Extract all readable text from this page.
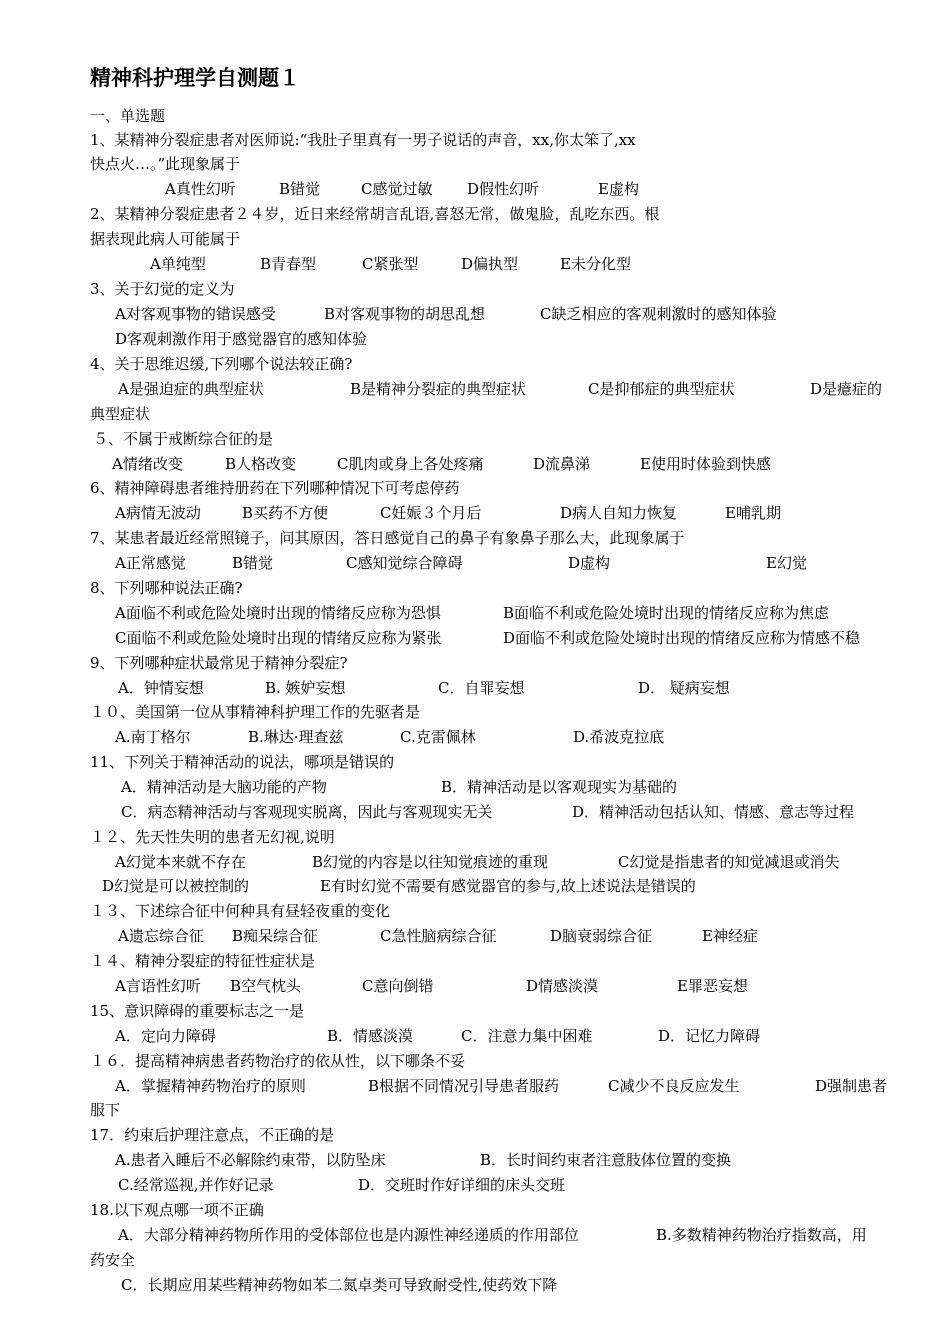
精神科护理学自测题１
一、单选题
1、某精神分裂症患者对医师说:“我肚子里真有一男子说话的声音，xx,你太笨了,xx
快点火…。”此现象属于
A真性幻听	B错觉	C感觉过敏 D假性幻听	E虚构
2、某精神分裂症患者２４岁，近日来经常胡言乱语,喜怒无常，做鬼脸，乱吃东西。根
据表现此病人可能属于
A单纯型	B青春型	C紧张型	D偏执型	E未分化型
3、关于幻觉的定义为
A对客观事物的错误感受	B对客观事物的胡思乱想	C缺乏相应的客观刺激时的感知体验
D客观刺激作用于感觉器官的感知体验
4、关于思维迟缓,下列哪个说法较正确?
A是强迫症的典型症状	B是精神分裂症的典型症状	C是抑郁症的典型症状	D是癔症的
典型症状
５、不属于戒断综合征的是
A情绪改变	B人格改变	C肌肉或身上各处疼痛	D流鼻涕	E使用时体验到快感
6、精神障碍患者维持册药在下列哪种情况下可考虑停药
A病情无波动	B买药不方便	C妊娠３个月后	D病人自知力恢复	E哺乳期
7、某患者最近经常照镜子，问其原因，答日感觉自己的鼻子有象鼻子那么大，此现象属于
A正常感觉	B错觉	C感知觉综合障碍	D虚构	E幻觉
8、下列哪种说法正确?
A面临不利或危险处境时出现的情绪反应称为恐惧	B面临不利或危险处境时出现的情绪反应称为焦虑
C面临不利或危险处境时出现的情绪反应称为紧张	D面临不利或危险处境时出现的情绪反应称为情感不稳
9、下列哪种症状最常见于精神分裂症?
A．钟情妄想	B. 嫉妒妄想	C．自罪妄想	D． 疑病妄想
１０、美国第一位从事精神科护理工作的先驱者是
A.南丁格尔	B.琳达·理查兹	C.克雷佩林	D.希波克拉底
11、下列关于精神活动的说法，哪项是错误的
A．精神活动是大脑功能的产物	B．精神活动是以客观现实为基础的
C．病态精神活动与客观现实脱离，因此与客观现实无关	D．精神活动包括认知、情感、意志等过程
１２、先天性失明的患者无幻视,说明
A幻觉本来就不存在	B幻觉的内容是以往知觉痕迹的重现	C幻觉是指患者的知觉减退或消失
D幻觉是可以被控制的	E有时幻觉不需要有感觉器官的参与,故上述说法是错误的
１３、下述综合征中何种具有昼轻夜重的变化
A遗忘综合征 B痴呆综合征	C急性脑病综合征	D脑衰弱综合征	E神经症
１４、精神分裂症的特征性症状是
A言语性幻听 B空气枕头	C意向倒错	D情感淡漠	E罪恶妄想
15、意识障碍的重要标志之一是
A．定向力障碍	B．情感淡漠	C．注意力集中困难	D．记忆力障碍
１６．提高精神病患者药物治疗的依从性，以下哪条不妥
A．掌握精神药物治疗的原则	B根据不同情况引导患者服药	C减少不良反应发生	D强制患者
服下
17．约束后护理注意点，不正确的是
A.患者入睡后不必解除约束带，以防坠床	B．长时间约束者注意肢体位置的变换
C.经常巡视,并作好记录	D．交班时作好详细的床头交班
18.以下观点哪一项不正确
A．大部分精神药物所作用的受体部位也是内源性神经递质的作用部位	B.多数精神药物治疗指数高，用
药安全
C．长期应用某些精神药物如苯二氮卓类可导致耐受性,使药效下降
